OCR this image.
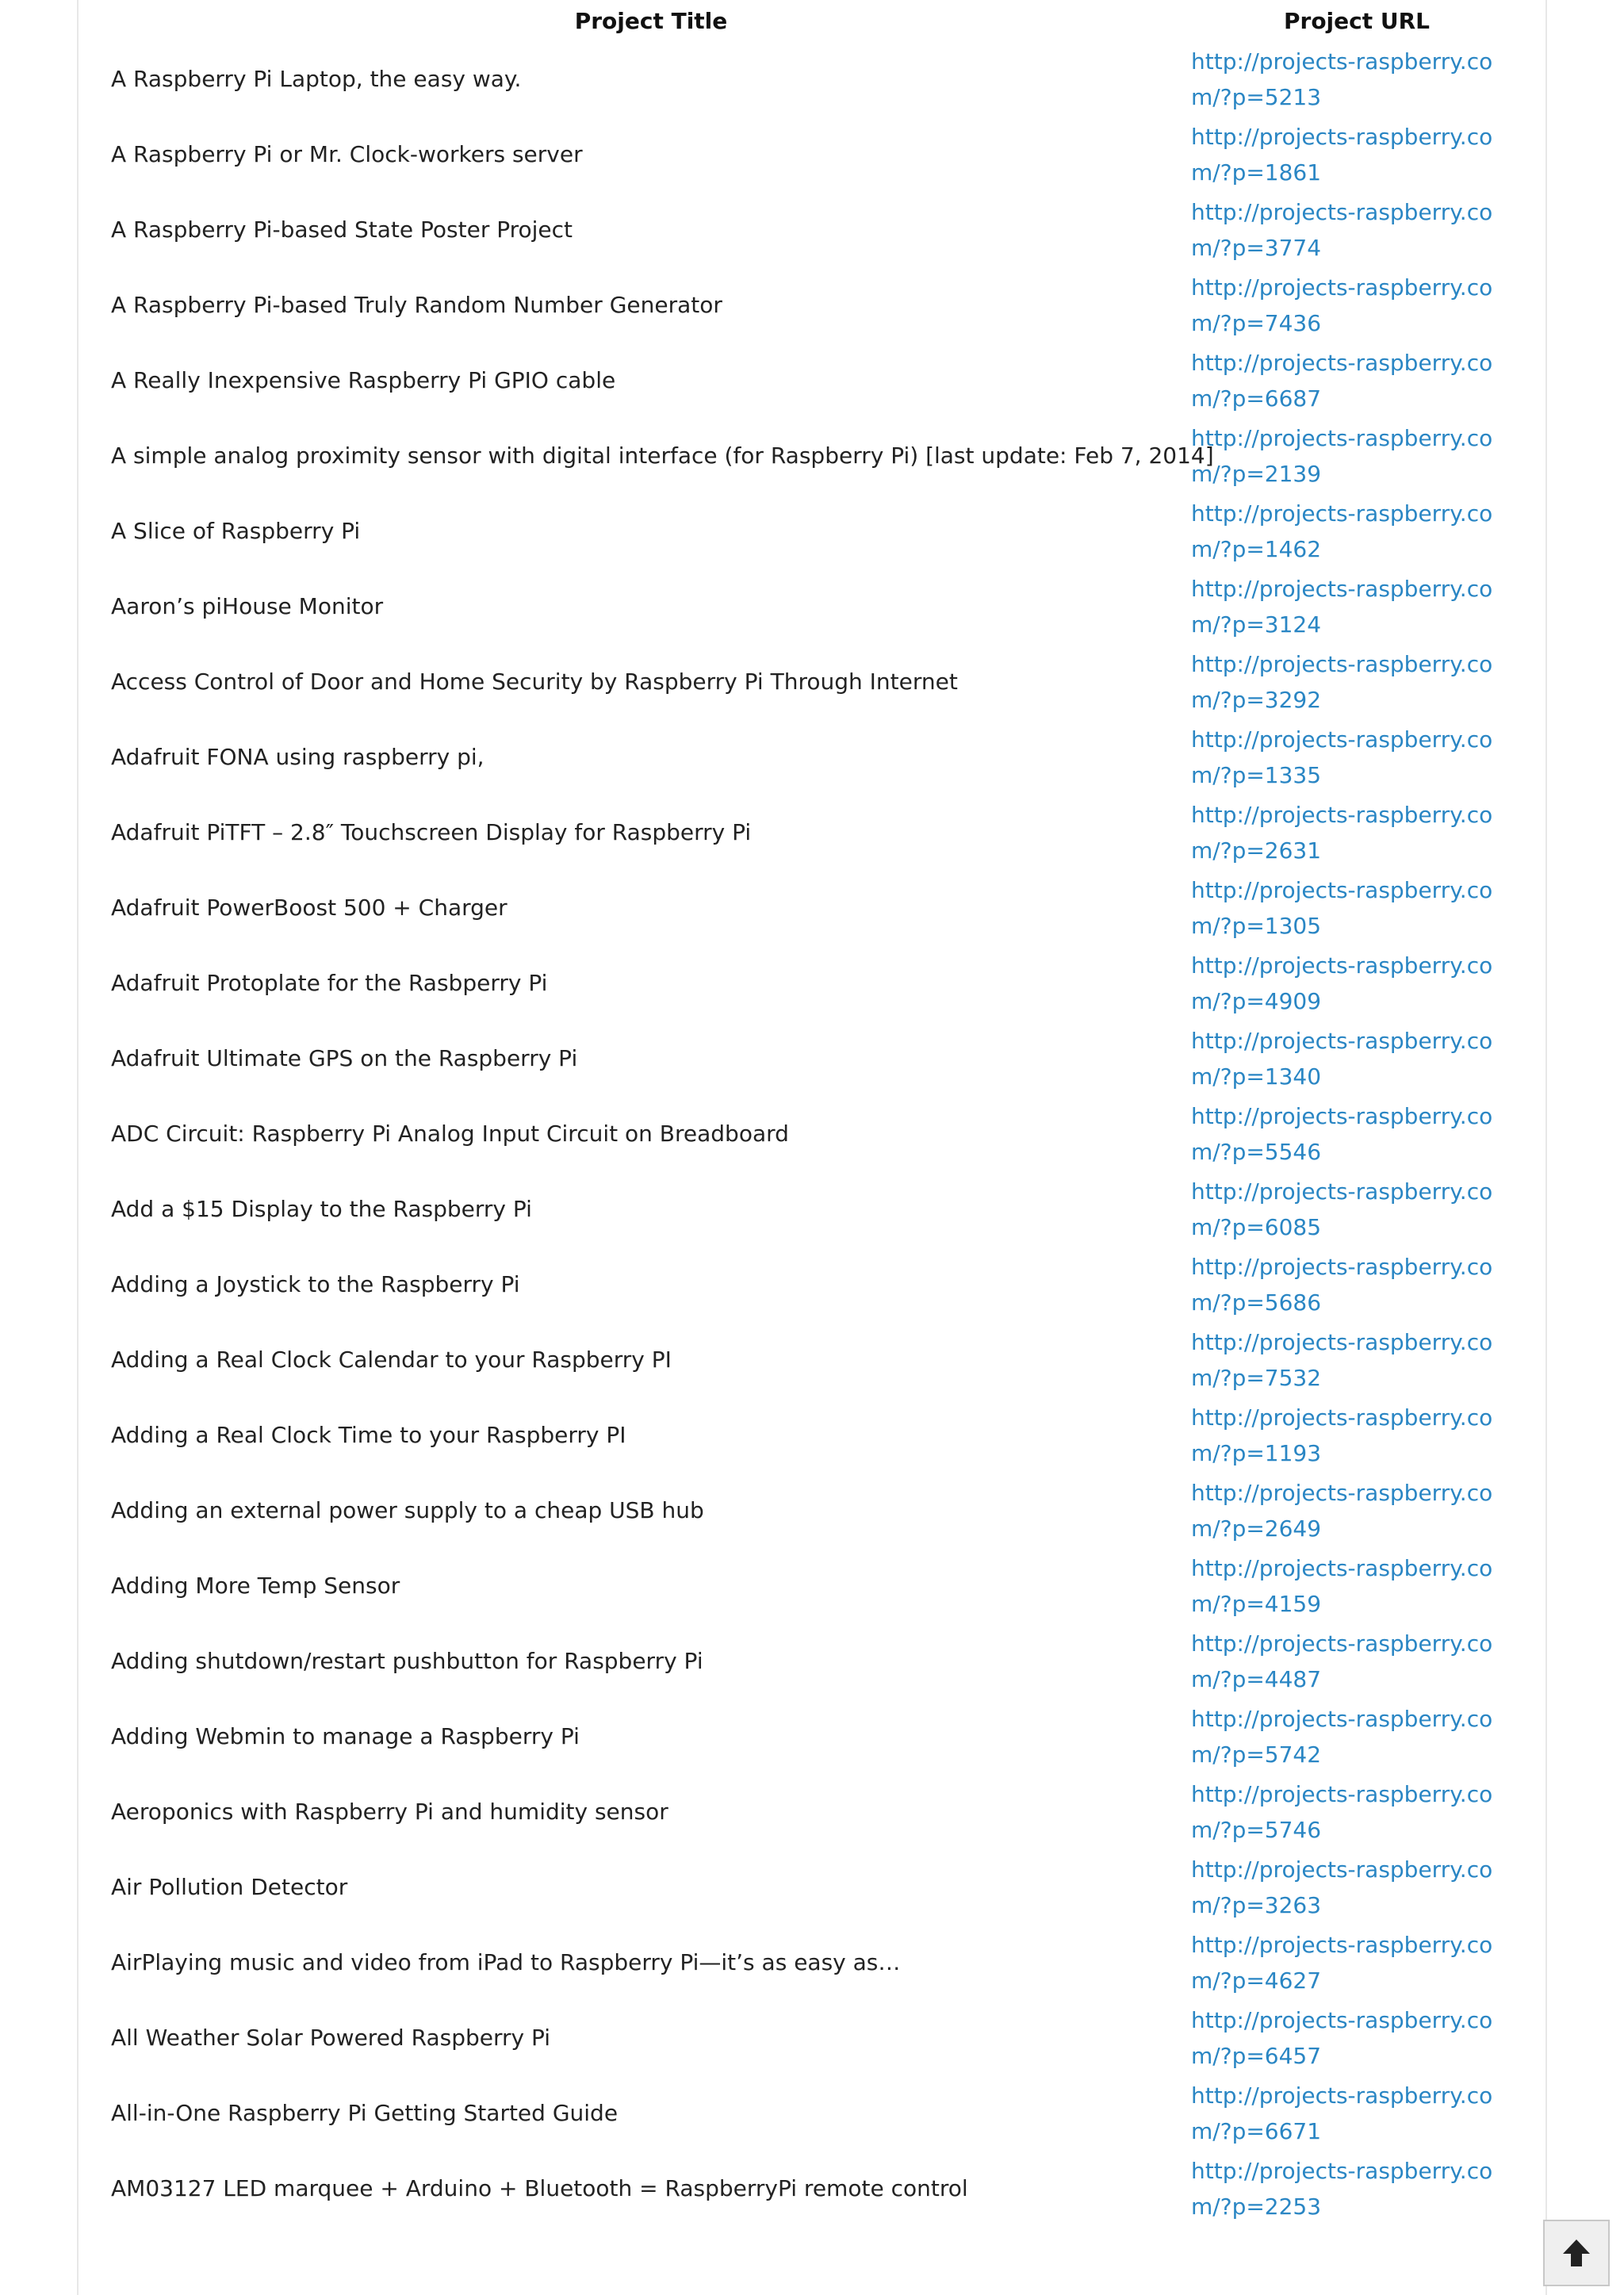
Project Title	Project URL
A Raspberry Pi Laptop, the easy way.	http://projects-raspberry.com/?p=5213

A Raspberry Pi or Mr. Clock-workers server	http://projects-raspberry.com/?p=1861

A Raspberry Pi-based State Poster Project	http://projects-raspberry.com/?p=3774

A Raspberry Pi-based Truly Random Number Generator	http://projects-raspberry.com/?p=7436

A Really Inexpensive Raspberry Pi GPIO cable	http://projects-raspberry.com/?p=6687

A simple analog proximity sensor with digital interface (for Raspberry Pi) [last update: Feb 7, 2014]	http://projects-raspberry.com/?p=2139

A Slice of Raspberry Pi	http://projects-raspberry.com/?p=1462

Aaron’s piHouse Monitor	http://projects-raspberry.com/?p=3124

Access Control of Door and Home Security by Raspberry Pi Through Internet	http://projects-raspberry.com/?p=3292

Adafruit FONA using raspberry pi,	http://projects-raspberry.com/?p=1335

Adafruit PiTFT – 2.8″ Touchscreen Display for Raspberry Pi	http://projects-raspberry.com/?p=2631

Adafruit PowerBoost 500 + Charger	http://projects-raspberry.com/?p=1305

Adafruit Protoplate for the Rasbperry Pi	http://projects-raspberry.com/?p=4909

Adafruit Ultimate GPS on the Raspberry Pi	http://projects-raspberry.com/?p=1340

ADC Circuit: Raspberry Pi Analog Input Circuit on Breadboard	http://projects-raspberry.com/?p=5546

Add a $15 Display to the Raspberry Pi	http://projects-raspberry.com/?p=6085

Adding a Joystick to the Raspberry Pi	http://projects-raspberry.com/?p=5686

Adding a Real Clock Calendar to your Raspberry PI	http://projects-raspberry.com/?p=7532

Adding a Real Clock Time to your Raspberry PI	http://projects-raspberry.com/?p=1193

Adding an external power supply to a cheap USB hub	http://projects-raspberry.com/?p=2649

Adding More Temp Sensor	http://projects-raspberry.com/?p=4159

Adding shutdown/restart pushbutton for Raspberry Pi	http://projects-raspberry.com/?p=4487

Adding Webmin to manage a Raspberry Pi	http://projects-raspberry.com/?p=5742

Aeroponics with Raspberry Pi and humidity sensor	http://projects-raspberry.com/?p=5746

Air Pollution Detector	http://projects-raspberry.com/?p=3263

AirPlaying music and video from iPad to Raspberry Pi—it’s as easy as…	http://projects-raspberry.com/?p=4627

All Weather Solar Powered Raspberry Pi	http://projects-raspberry.com/?p=6457

All-in-One Raspberry Pi Getting Started Guide	http://projects-raspberry.com/?p=6671

AM03127 LED marquee + Arduino + Bluetooth = RaspberryPi remote control	http://projects-raspberry.com/?p=2253
